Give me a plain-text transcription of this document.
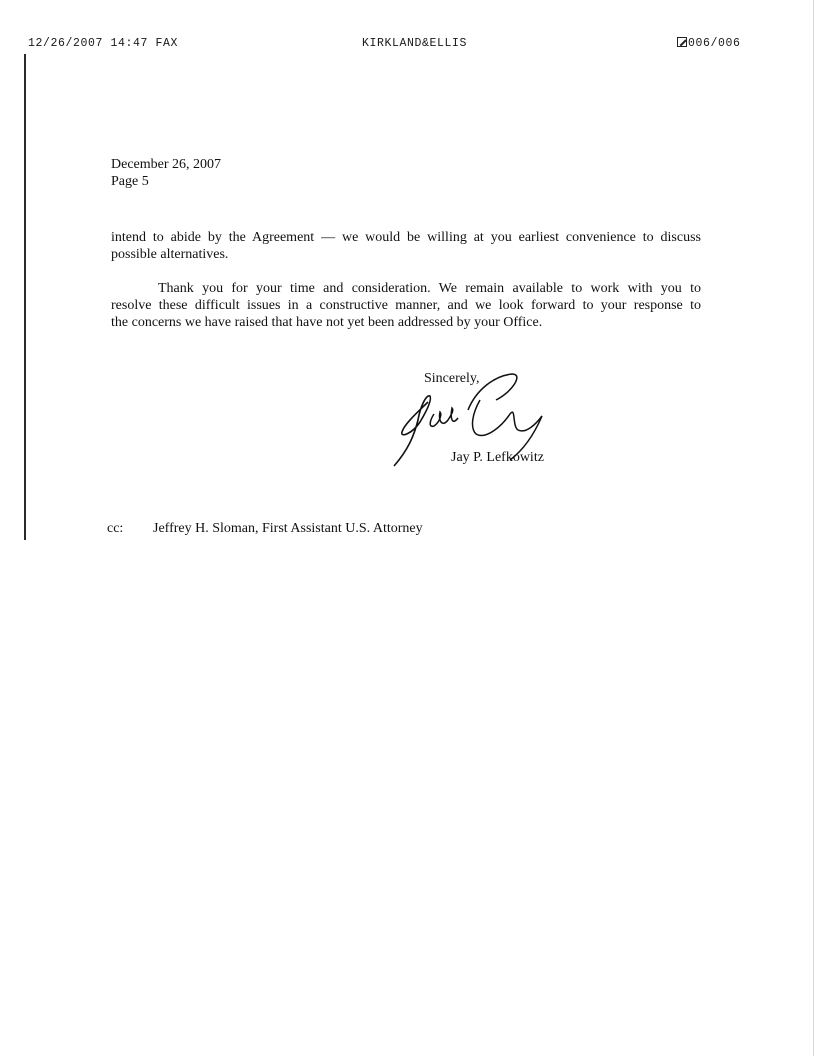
12/26/2007 14:47 FAX	KIRKLAND&ELLIS	006/006
December 26, 2007
Page 5

intend to abide by the Agreement — we would be willing at you earliest convenience to discuss
possible alternatives.

Thank you for your time and consideration. We remain available to work with you to
resolve these difficult issues in a constructive manner, and we look forward to your response to
the concerns we have raised that have not yet been addressed by your Office.

Sincerely,
Jay P. Lefkowitz
cc: Jeffrey H. Sloman, First Assistant U.S. Attorney
